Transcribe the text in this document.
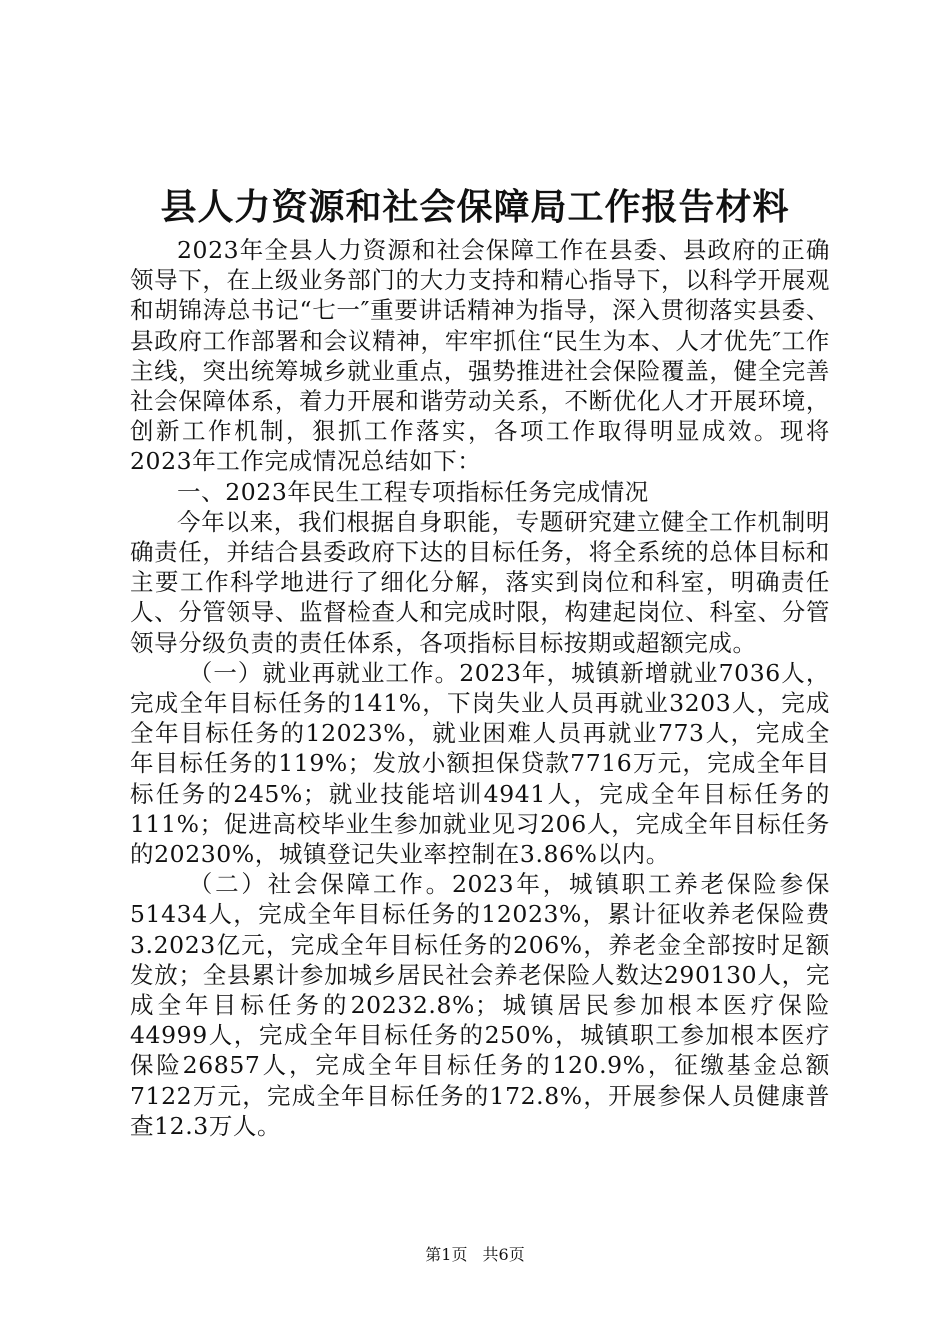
县人力资源和社会保障局工作报告材料

2023年全县人力资源和社会保障工作在县委、县政府的正确领导下，在上级业务部门的大力支持和精心指导下，以科学开展观和胡锦涛总书记“七一″重要讲话精神为指导，深入贯彻落实县委、县政府工作部署和会议精神，牢牢抓住“民生为本、人才优先″工作主线，突出统筹城乡就业重点，强势推进社会保险覆盖，健全完善社会保障体系，着力开展和谐劳动关系，不断优化人才开展环境，创新工作机制，狠抓工作落实，各项工作取得明显成效。现将2023年工作完成情况总结如下：

一、2023年民生工程专项指标任务完成情况

今年以来，我们根据自身职能，专题研究建立健全工作机制明确责任，并结合县委政府下达的目标任务，将全系统的总体目标和主要工作科学地进行了细化分解，落实到岗位和科室，明确责任人、分管领导、监督检查人和完成时限，构建起岗位、科室、分管领导分级负责的责任体系，各项指标目标按期或超额完成。

（一）就业再就业工作。2023年，城镇新增就业7036人，完成全年目标任务的141%，下岗失业人员再就业3203人，完成全年目标任务的12023%，就业困难人员再就业773人，完成全年目标任务的119%；发放小额担保贷款7716万元，完成全年目标任务的245%；就业技能培训4941人，完成全年目标任务的111%；促进高校毕业生参加就业见习206人，完成全年目标任务的20230%，城镇登记失业率控制在3.86%以内。

（二）社会保障工作。2023年，城镇职工养老保险参保51434人，完成全年目标任务的12023%，累计征收养老保险费3.2023亿元，完成全年目标任务的206%，养老金全部按时足额发放；全县累计参加城乡居民社会养老保险人数达290130人，完成全年目标任务的20232.8%；城镇居民参加根本医疗保险44999人，完成全年目标任务的250%，城镇职工参加根本医疗保险26857人，完成全年目标任务的120.9%，征缴基金总额7122万元，完成全年目标任务的172.8%，开展参保人员健康普查12.3万人。

第1页 共6页
